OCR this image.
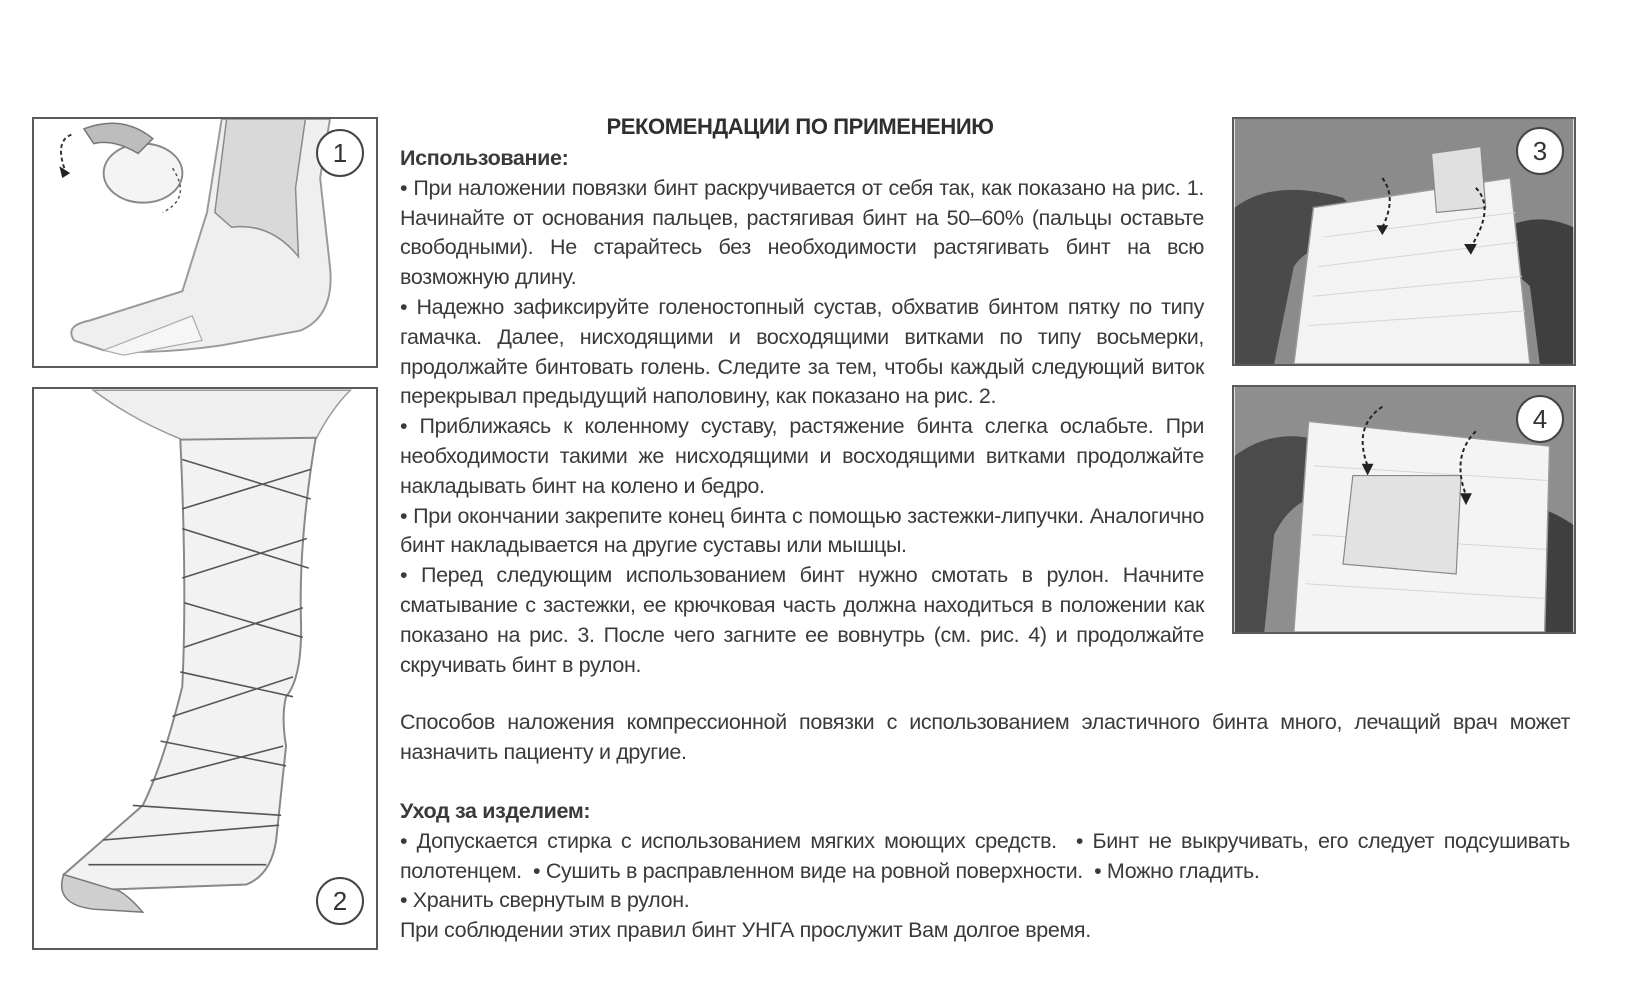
1
2
3
4
РЕКОМЕНДАЦИИ ПО ПРИМЕНЕНИЮ

Использование:

• При наложении повязки бинт раскручивается от себя так, как показано на рис. 1. Начинайте от основания пальцев, растягивая бинт на 50–60% (пальцы оставьте свободными). Не старайтесь без необходимости растягивать бинт на всю возможную длину.

• Надежно зафиксируйте голеностопный сустав, обхватив бинтом пятку по типу гамачка. Далее, нисходящими и восходящими витками по типу восьмерки, продолжайте бинтовать голень. Следите за тем, чтобы каждый следующий виток перекрывал предыдущий наполовину, как показано на рис. 2.

• Приближаясь к коленному суставу, растяжение бинта слегка ослабьте. При необходимости такими же нисходящими и восходящими витками продолжайте накладывать бинт на колено и бедро.

• При окончании закрепите конец бинта с помощью застежки-липучки. Аналогично бинт накладывается на другие суставы или мышцы.

• Перед следующим использованием бинт нужно смотать в рулон. Начните сматывание с застежки, ее крючковая часть должна находиться в положении как показано на рис. 3. После чего загните ее вовнутрь (см. рис. 4) и продолжайте скручивать бинт в рулон.

Способов наложения компрессионной повязки с использованием эластичного бинта много, лечащий врач может назначить пациенту и другие.

Уход за изделием:

• Допускается стирка с использованием мягких моющих средств. • Бинт не выкручивать, его следует подсушивать полотенцем. • Сушить в расправленном виде на ровной поверхности. • Можно гладить.

• Хранить свернутым в рулон.

При соблюдении этих правил бинт УНГА прослужит Вам долгое время.
